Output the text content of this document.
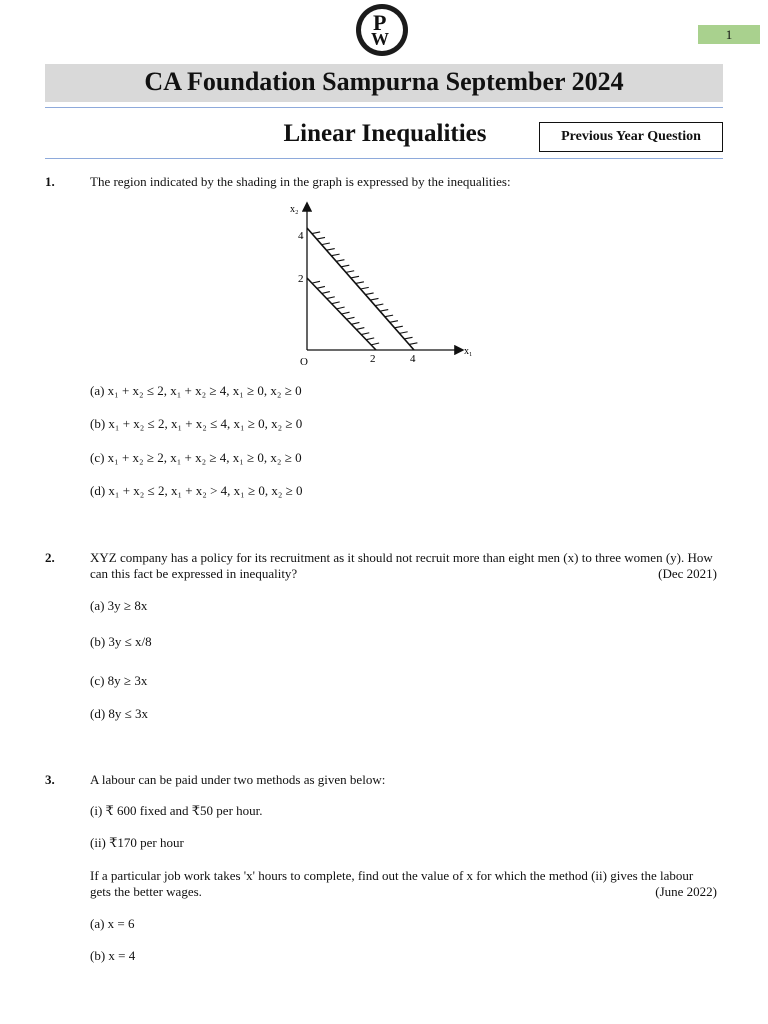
1
P
W
CA Foundation Sampurna September 2024
Linear Inequalities	Previous Year Question
1.	The region indicated by the shading in the graph is expressed by the inequalities:
x₂
x₁
4
2
2	4
O
(a) x₁ + x₂ ≤ 2, x₁ + x₂ ≥ 4, x₁ ≥ 0, x₂ ≥ 0
(b) x₁ + x₂ ≤ 2, x₁ + x₂ ≤ 4, x₁ ≥ 0, x₂ ≥ 0
(c) x₁ + x₂ ≥ 2, x₁ + x₂ ≥ 4, x₁ ≥ 0, x₂ ≥ 0
(d) x₁ + x₂ ≤ 2, x₁ + x₂ > 4, x₁ ≥ 0, x₂ ≥ 0
2.	XYZ company has a policy for its recruitment as it should not recruit more than eight men (x) to three women (y). How can this fact be expressed in inequality?	(Dec 2021)
(a) 3y ≥ 8x
(b) 3y ≤ x/8
(c) 8y ≥ 3x
(d) 8y ≤ 3x
3.	A labour can be paid under two methods as given below:
(i) ₹ 600 fixed and ₹50 per hour.
(ii) ₹170 per hour
If a particular job work takes 'x' hours to complete, find out the value of x for which the method (ii) gives the labour gets the better wages.	(June 2022)
(a) x = 6
(b) x = 4
